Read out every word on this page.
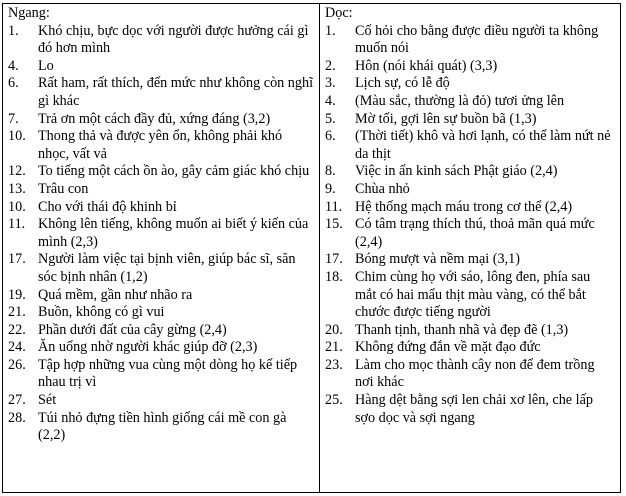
Ngang:
1.	Khó chịu, bực dọc với người được hưởng cái gì đó hơn mình
4.	Lo
6.	Rất ham, rất thích, đến mức như không còn nghĩ gì khác
7.	Trả ơn một cách đầy đủ, xứng đáng (3,2)
10. Thong thả và được yên ổn, không phải khó nhọc, vất vả
12. To tiếng một cách ồn ào, gây cảm giác khó chịu
13. Trâu con
10. Cho với thái độ khinh bỉ
11. Không lên tiếng, không muốn ai biết ý kiến của mình (2,3)
17. Người làm việc tại bịnh viên, giúp bác sĩ, săn sóc bịnh nhân (1,2)
19. Quá mềm, gần như nhão ra
21. Buồn, không có gì vui
22. Phần dưới đất của cây gừng (2,4)
24. Ăn uống nhờ người khác giúp đỡ (2,3)
26. Tập hợp những vua cùng một dòng họ kế tiếp nhau trị vì
27. Sét
28. Túi nhỏ đựng tiền hình giống cái mề con gà (2,2)
Dọc:
1.	Cố hỏi cho bằng được điều người ta không muốn nói
2.	Hôn (nói khái quát) (3,3)
3.	Lịch sự, có lễ độ
4.	(Màu sắc, thường là đỏ) tươi ửng lên
5.	Mờ tối, gợi lên sự buồn bã (1,3)
6.	(Thời tiết) khô và hơi lạnh, có thể làm nứt nẻ da thịt
8.	Việc in ấn kinh sách Phật giáo (2,4)
9.	Chùa nhỏ
11. Hệ thống mạch máu trong cơ thể (2,4)
15. Có tâm trạng thích thú, thoả mãn quá mức (2,4)
17. Bóng mượt và nềm mại (3,1)
18. Chim cùng họ với sáo, lông đen, phía sau mắt có hai mẩu thịt màu vàng, có thể bắt chước được tiếng người
20. Thanh tịnh, thanh nhã và đẹp đẽ (1,3)
21. Không đứng đắn về mặt đạo đức
23. Làm cho mọc thành cây non để đem trồng nơi khác
25. Hàng dệt bằng sợi len chải xơ lên, che lấp sợo dọc và sợi ngang
